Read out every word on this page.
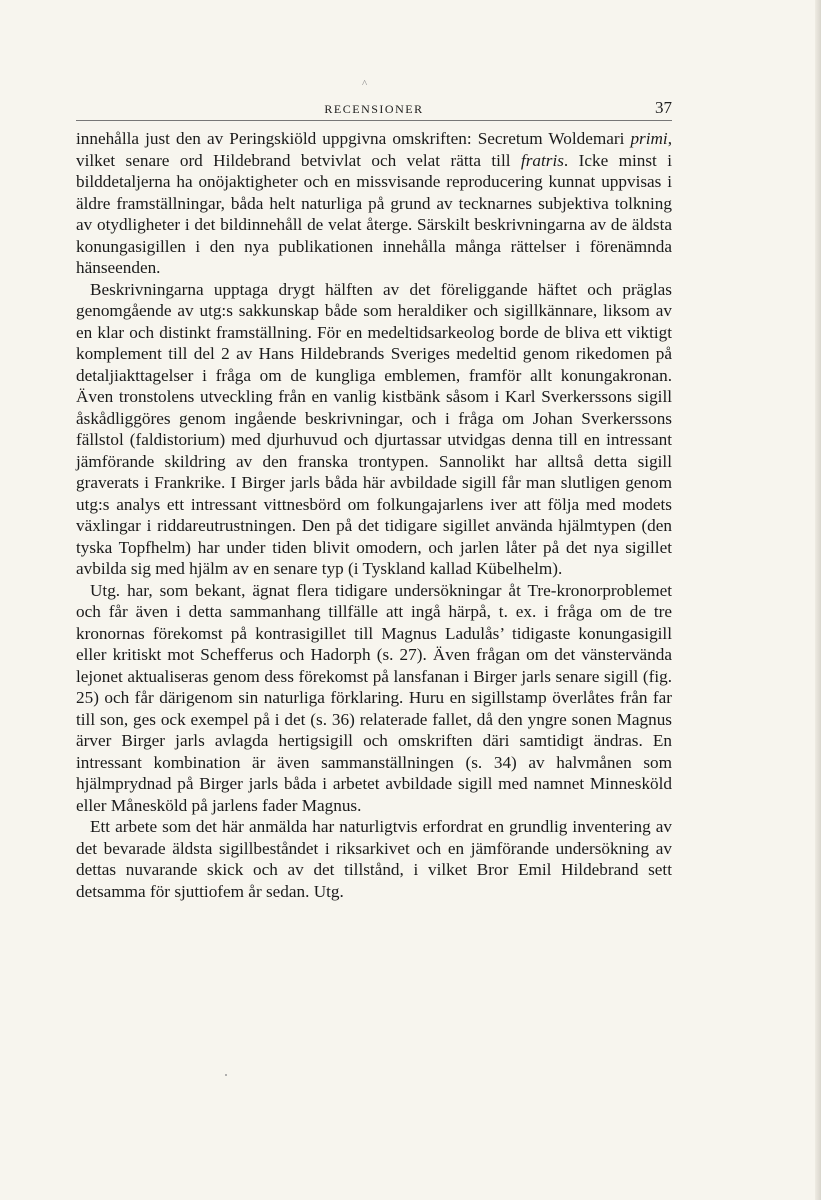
^
RECENSIONER	37

innehålla just den av Peringskiöld uppgivna omskriften: Secretum Woldemari primi, vilket senare ord Hildebrand betvivlat och velat rätta till fratris. Icke minst i bilddetaljerna ha onöjaktigheter och en missvisande reproducering kunnat uppvisas i äldre framställningar, båda helt naturliga på grund av tecknarnes subjektiva tolkning av otydligheter i det bildinnehåll de velat återge. Särskilt beskrivningarna av de äldsta konungasigillen i den nya publikationen innehålla många rättelser i förenämnda hänseenden.

Beskrivningarna upptaga drygt hälften av det föreliggande häftet och präglas genomgående av utg:s sakkunskap både som heraldiker och sigillkännare, liksom av en klar och distinkt framställning. För en medeltidsarkeolog borde de bliva ett viktigt komplement till del 2 av Hans Hildebrands Sveriges medeltid genom rikedomen på detaljiakttagelser i fråga om de kungliga emblemen, framför allt konungakronan. Även tronstolens utveckling från en vanlig kistbänk såsom i Karl Sverkerssons sigill åskådliggöres genom ingående beskrivningar, och i fråga om Johan Sverkerssons fällstol (faldistorium) med djurhuvud och djurtassar utvidgas denna till en intressant jämförande skildring av den franska trontypen. Sannolikt har alltså detta sigill graverats i Frankrike. I Birger jarls båda här avbildade sigill får man slutligen genom utg:s analys ett intressant vittnesbörd om folkungajarlens iver att följa med modets växlingar i riddareutrustningen. Den på det tidigare sigillet använda hjälmtypen (den tyska Topfhelm) har under tiden blivit omodern, och jarlen låter på det nya sigillet avbilda sig med hjälm av en senare typ (i Tyskland kallad Kübelhelm).

Utg. har, som bekant, ägnat flera tidigare undersökningar åt Tre-kronorproblemet och får även i detta sammanhang tillfälle att ingå härpå, t. ex. i fråga om de tre kronornas förekomst på kontrasigillet till Magnus Ladulås’ tidigaste konungasigill eller kritiskt mot Schefferus och Hadorph (s. 27). Även frågan om det vänstervända lejonet aktualiseras genom dess förekomst på lansfanan i Birger jarls senare sigill (fig. 25) och får därigenom sin naturliga förklaring. Huru en sigillstamp överlåtes från far till son, ges ock exempel på i det (s. 36) relaterade fallet, då den yngre sonen Magnus ärver Birger jarls avlagda hertigsigill och omskriften däri samtidigt ändras. En intressant kombination är även sammanställningen (s. 34) av halvmånen som hjälmprydnad på Birger jarls båda i arbetet avbildade sigill med namnet Minnesköld eller Månesköld på jarlens fader Magnus.

Ett arbete som det här anmälda har naturligtvis erfordrat en grundlig inventering av det bevarade äldsta sigillbeståndet i riksarkivet och en jämförande undersökning av dettas nuvarande skick och av det tillstånd, i vilket Bror Emil Hildebrand sett detsamma för sjuttiofem år sedan. Utg.
